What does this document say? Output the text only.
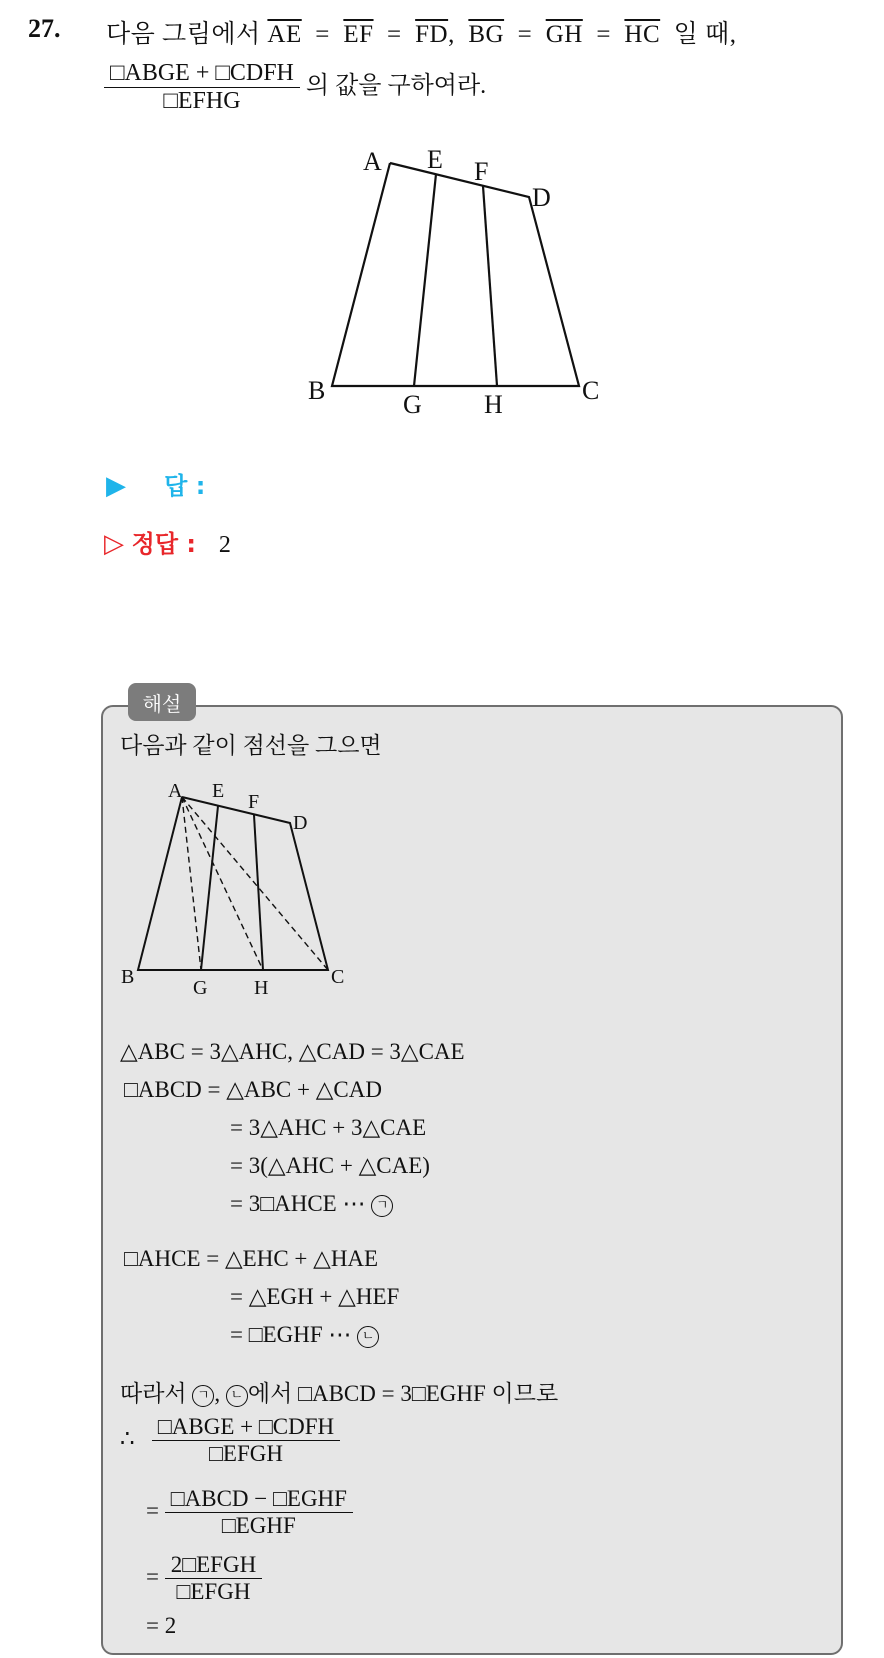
27. 다음 그림에서 $\overline{AE} = \overline{EF} = \overline{FD}$, $\overline{BG} = \overline{GH} = \overline{HC}$ 일 때,
$\frac{\text{□ABGE + □CDFH}}{\text{□EFHG}}$ 의 값을 구하여라.
A E F
D
B	G H	C
▶ 답 :
▷ 정답 : 2
해설
다음과 같이 점선을 그으면
A E F
D
B	G H	C
△ABC = 3△AHC, △CAD = 3△CAE
□ABCD = △ABC + △CAD
= 3△AHC + 3△CAE
= 3(△AHC + △CAE)
= 3□AHCE ⋯ ㄱ
□AHCE = △EHC + △HAE
= △EGH + △HEF
= □EGHF ⋯ ㄴ
따라서 ㄱ , ㄴ 에서 □ABCD = 3□EGHF 이므로
∴ $\frac{\text{□ABGE + □CDFH}}{\text{□EFGH}}$
= $\frac{\text{□ABCD − □EGHF}}{\text{□EGHF}}$
= $\frac{\text{2□EFGH}}{\text{□EFGH}}$
= 2
